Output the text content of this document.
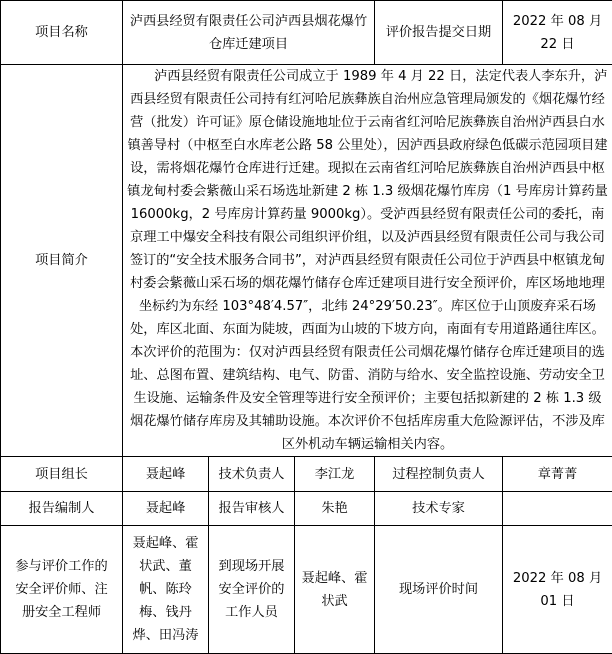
项目名称	泸西县经贸有限责任公司泸西县烟花爆竹仓库迁建项目			评价报告提交日期	2022 年 08 月 22 日
项目简介	泸西县经贸有限责任公司成立于 1989 年 4 月 22 日，法定代表人李东升，泸西县经贸有限责任公司持有红河哈尼族彝族自治州应急管理局颁发的《烟花爆竹经营（批发）许可证》原仓储设施地址位于云南省红河哈尼族彝族自治州泸西县白水镇善导村（中枢至白水库老公路 58 公里处），因泸西县政府绿色低碳示范园项目建设，需将烟花爆竹仓库进行迁建。现拟在云南省红河哈尼族彝族自治州泸西县中枢镇龙甸村委会紫薇山采石场选址新建 2 栋 1.3 级烟花爆竹库房（1 号库房计算药量 16000kg，2 号库房计算药量 9000kg）。受泸西县经贸有限责任公司的委托，南京理工中爆安全科技有限公司组织评价组，以及泸西县经贸有限责任公司与我公司签订的“安全技术服务合同书”，对泸西县经贸有限责任公司位于泸西县中枢镇龙甸村委会紫薇山采石场的烟花爆竹储存仓库迁建项目进行安全预评价，库区场地地理坐标约为东经 103°48′4.57″，北纬 24°29′50.23″。库区位于山顶废弃采石场处，库区北面、东面为陡坡，西面为山坡的下坡方向，南面有专用道路通往库区。本次评价的范围为：仅对泸西县经贸有限责任公司烟花爆竹储存仓库迁建项目的选址、总图布置、建筑结构、电气、防雷、消防与给水、安全监控设施、劳动安全卫生设施、运输条件及安全管理等进行安全预评价；主要包括拟新建的 2 栋 1.3 级烟花爆竹储存库房及其辅助设施。本次评价不包括库房重大危险源评估，不涉及库区外机动车辆运输相关内容。				

项目组长	聂起峰	技术负责人	李江龙	过程控制负责人	章菁菁
报告编制人	聂起峰	报告审核人	朱艳	技术专家	
参与评价工作的安全评价师、注册安全工程师	聂起峰、霍状武、董帆、陈玲梅、钱丹烨、田冯涛	到现场开展安全评价的工作人员	聂起峰、霍状武	现场评价时间	2022 年 08 月 01 日
